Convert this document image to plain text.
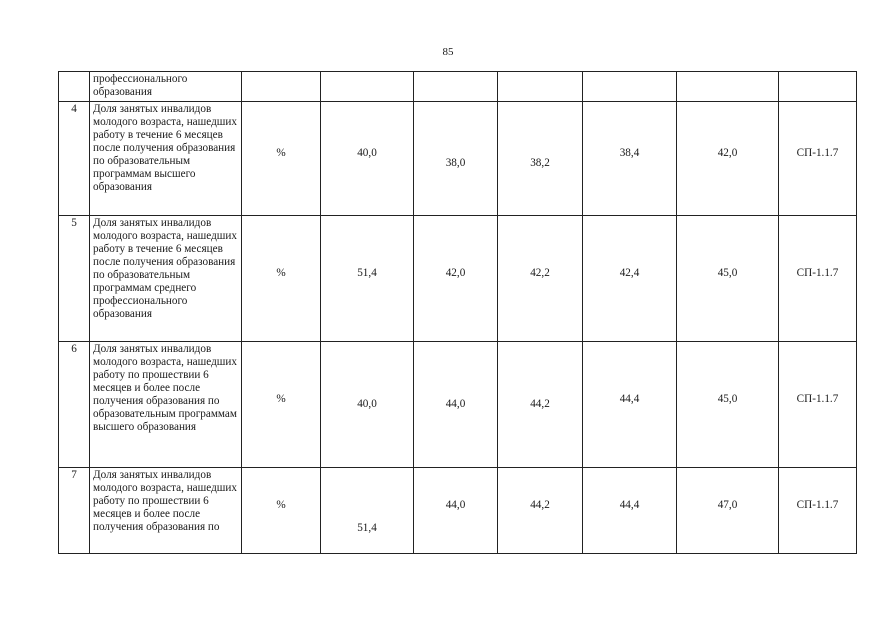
85
	профессионального образования							
4	Доля занятых инвалидов молодого возраста, нашедших работу в течение 6 месяцев после получения образования по образовательным программам высшего образования	%	40,0	38,0	38,2	38,4	42,0	СП-1.1.7
5	Доля занятых инвалидов молодого возраста, нашедших работу в течение 6 месяцев после получения образования по образовательным программам среднего профессионального образования	%	51,4	42,0	42,2	42,4	45,0	СП-1.1.7
6	Доля занятых инвалидов молодого возраста, нашедших работу по прошествии 6 месяцев и более после получения образования по образовательным программам высшего образования	%	40,0	44,0	44,2	44,4	45,0	СП-1.1.7
7	Доля занятых инвалидов молодого возраста, нашедших работу по прошествии 6 месяцев и более после получения образования по	%	51,4	44,0	44,2	44,4	47,0	СП-1.1.7
